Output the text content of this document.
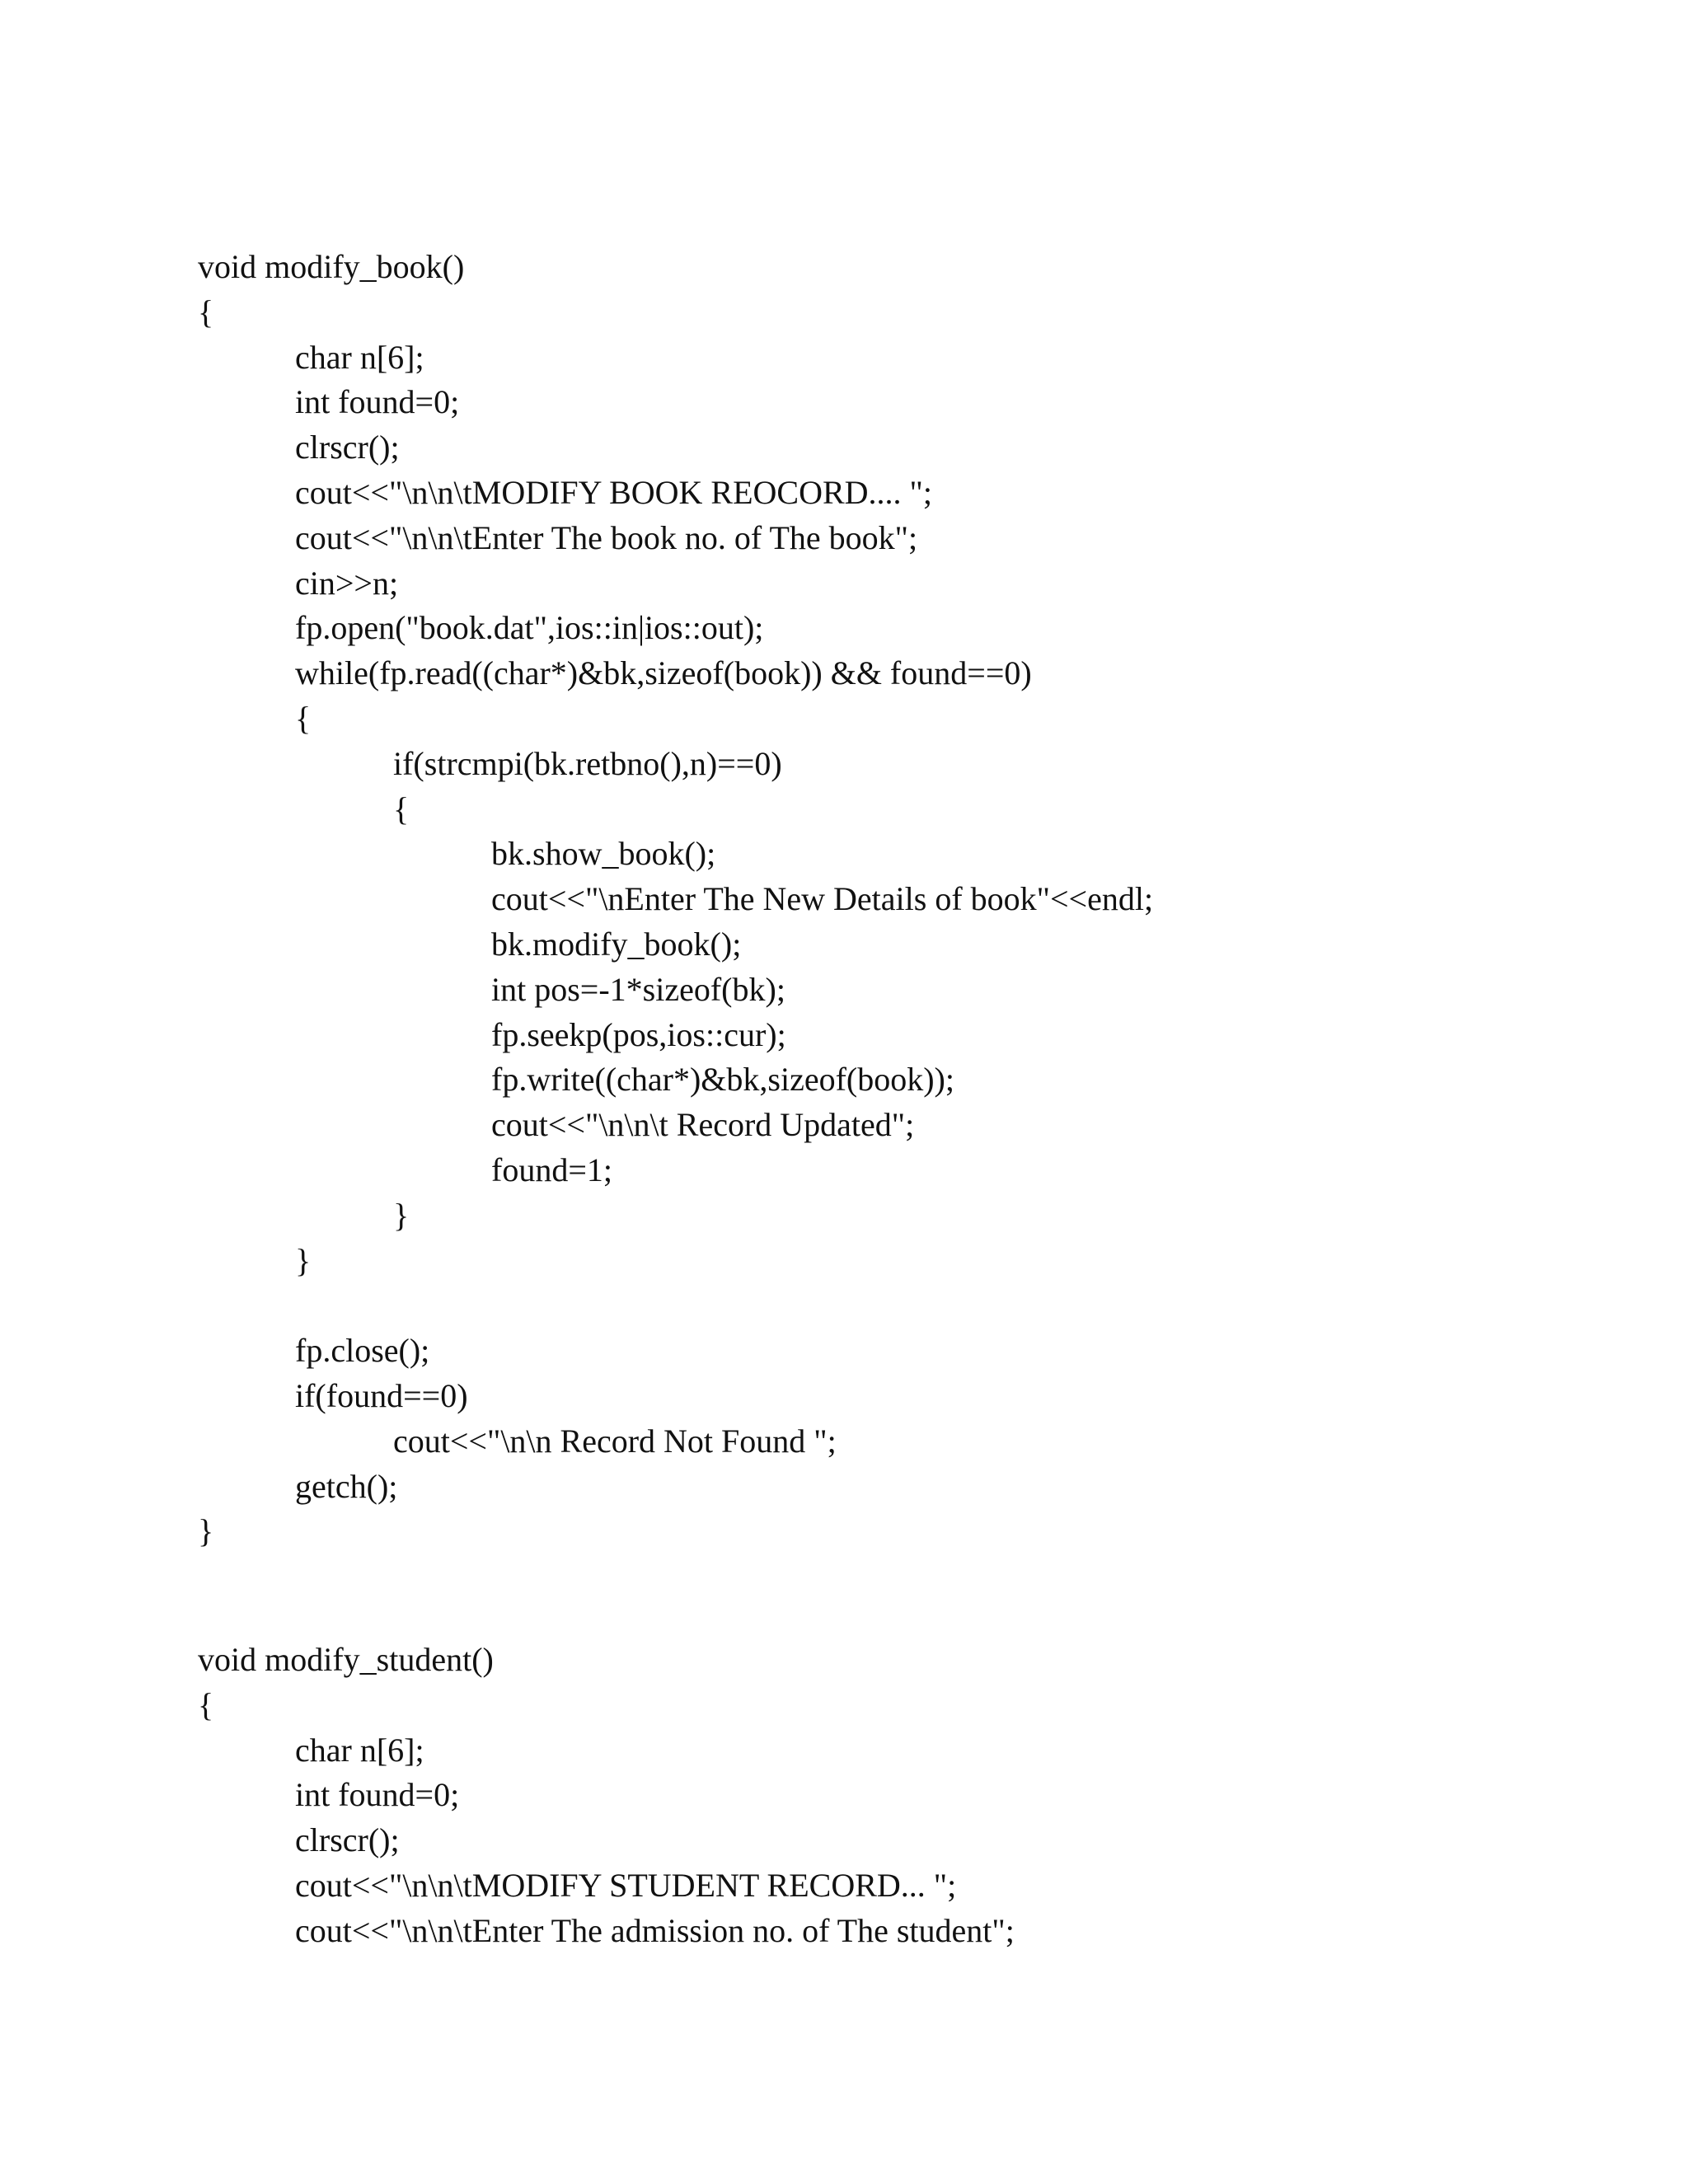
void modify_book()
{
char n[6];
int found=0;
clrscr();
cout<<"\n\n\tMODIFY BOOK REOCORD.... ";
cout<<"\n\n\tEnter The book no. of The book";
cin>>n;
fp.open("book.dat",ios::in|ios::out);
while(fp.read((char*)&bk,sizeof(book)) && found==0)
{
if(strcmpi(bk.retbno(),n)==0)
{
bk.show_book();
cout<<"\nEnter The New Details of book"<<endl;
bk.modify_book();
int pos=-1*sizeof(bk);
fp.seekp(pos,ios::cur);
fp.write((char*)&bk,sizeof(book));
cout<<"\n\n\t Record Updated";
found=1;
}
}
fp.close();
if(found==0)
cout<<"\n\n Record Not Found ";
getch();
}
void modify_student()
{
char n[6];
int found=0;
clrscr();
cout<<"\n\n\tMODIFY STUDENT RECORD... ";
cout<<"\n\n\tEnter The admission no. of The student";
